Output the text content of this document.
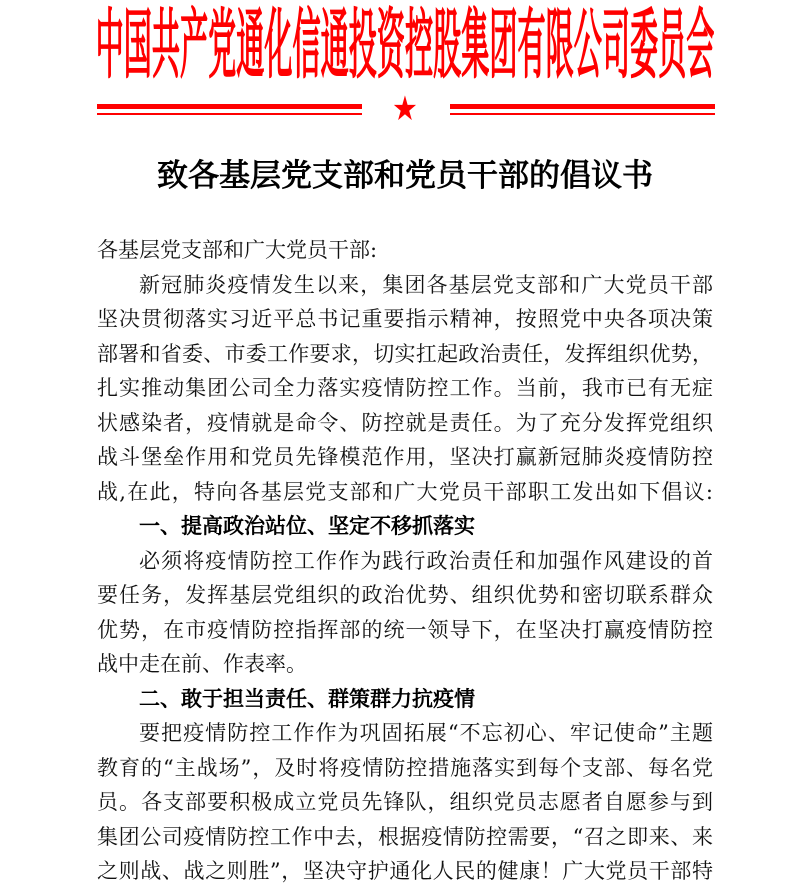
中国共产党通化信通投资控股集团有限公司委员会
★
致各基层党支部和党员干部的倡议书
各基层党支部和广大党员干部:
新冠肺炎疫情发生以来，集团各基层党支部和广大党员干部
坚决贯彻落实习近平总书记重要指示精神，按照党中央各项决策
部署和省委、市委工作要求，切实扛起政治责任，发挥组织优势，
扎实推动集团公司全力落实疫情防控工作。当前，我市已有无症
状感染者，疫情就是命令、防控就是责任。为了充分发挥党组织
战斗堡垒作用和党员先锋模范作用，坚决打赢新冠肺炎疫情防控
战,在此，特向各基层党支部和广大党员干部职工发出如下倡议:
一、提高政治站位、坚定不移抓落实
必须将疫情防控工作作为践行政治责任和加强作风建设的首
要任务，发挥基层党组织的政治优势、组织优势和密切联系群众
优势，在市疫情防控指挥部的统一领导下，在坚决打赢疫情防控
战中走在前、作表率。
二、敢于担当责任、群策群力抗疫情
要把疫情防控工作作为巩固拓展“不忘初心、牢记使命”主题
教育的“主战场”，及时将疫情防控措施落实到每个支部、每名党
员。各支部要积极成立党员先锋队，组织党员志愿者自愿参与到
集团公司疫情防控工作中去，根据疫情防控需要，“召之即来、来
之则战、战之则胜”，坚决守护通化人民的健康！广大党员干部特
